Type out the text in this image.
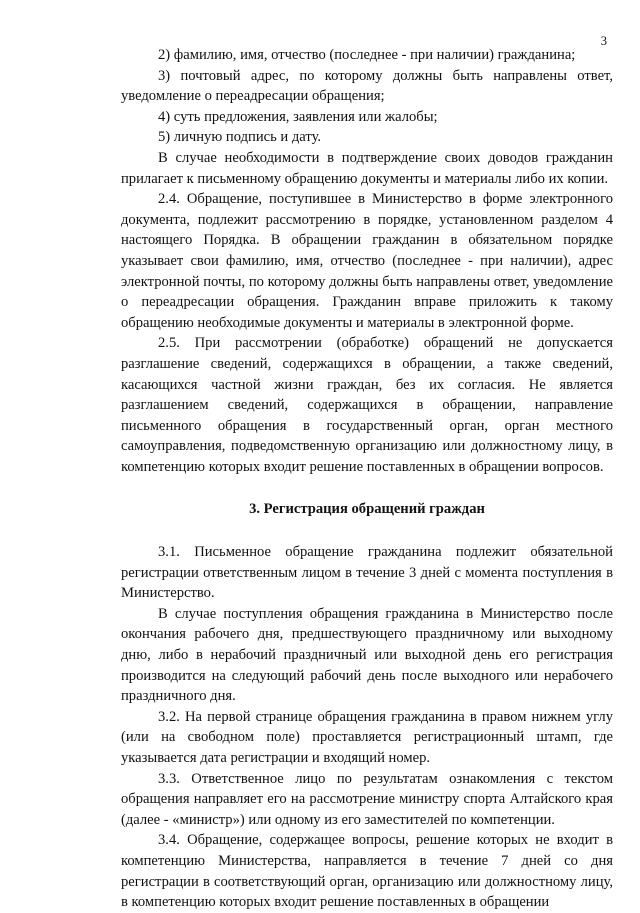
3

2) фамилию, имя, отчество (последнее - при наличии) гражданина;

3) почтовый адрес, по которому должны быть направлены ответ, уведомление о переадресации обращения;

4) суть предложения, заявления или жалобы;

5) личную подпись и дату.

В случае необходимости в подтверждение своих доводов гражданин прилагает к письменному обращению документы и материалы либо их копии.

2.4. Обращение, поступившее в Министерство в форме электронного документа, подлежит рассмотрению в порядке, установленном разделом 4 настоящего Порядка. В обращении гражданин в обязательном порядке указывает свои фамилию, имя, отчество (последнее - при наличии), адрес электронной почты, по которому должны быть направлены ответ, уведомление о переадресации обращения. Гражданин вправе приложить к такому обращению необходимые документы и материалы в электронной форме.

2.5. При рассмотрении (обработке) обращений не допускается разглашение сведений, содержащихся в обращении, а также сведений, касающихся частной жизни граждан, без их согласия. Не является разглашением сведений, содержащихся в обращении, направление письменного обращения в государственный орган, орган местного самоуправления, подведомственную организацию или должностному лицу, в компетенцию которых входит решение поставленных в обращении вопросов.

3. Регистрация обращений граждан

3.1. Письменное обращение гражданина подлежит обязательной регистрации ответственным лицом в течение 3 дней с момента поступления в Министерство.

В случае поступления обращения гражданина в Министерство после окончания рабочего дня, предшествующего праздничному или выходному дню, либо в нерабочий праздничный или выходной день его регистрация производится на следующий рабочий день после выходного или нерабочего праздничного дня.

3.2. На первой странице обращения гражданина в правом нижнем углу (или на свободном поле) проставляется регистрационный штамп, где указывается дата регистрации и входящий номер.

3.3. Ответственное лицо по результатам ознакомления с текстом обращения направляет его на рассмотрение министру спорта Алтайского края (далее - «министр») или одному из его заместителей по компетенции.

3.4. Обращение, содержащее вопросы, решение которых не входит в компетенцию Министерства, направляется в течение 7 дней со дня регистрации в соответствующий орган, организацию или должностному лицу, в компетенцию которых входит решение поставленных в обращении
